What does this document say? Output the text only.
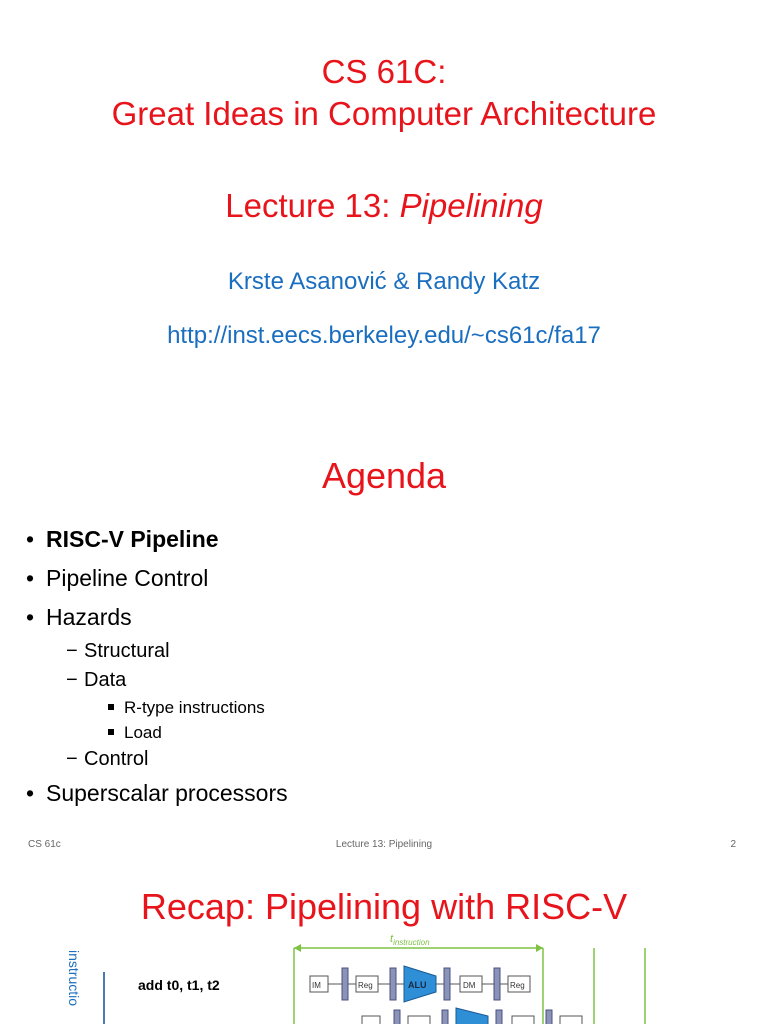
CS 61C:
Great Ideas in Computer Architecture
Lecture 13: Pipelining
Krste Asanović & Randy Katz
http://inst.eecs.berkeley.edu/~cs61c/fa17
Agenda
• RISC-V Pipeline
• Pipeline Control
• Hazards
− Structural
− Data
R-type instructions
Load
− Control
• Superscalar processors
CS 61c	Lecture 13: Pipelining	2
Recap: Pipelining with RISC-V
instructio	add t0, t1, t2
$t_{instruction}$
IM	Reg	ALU	DM	Reg
